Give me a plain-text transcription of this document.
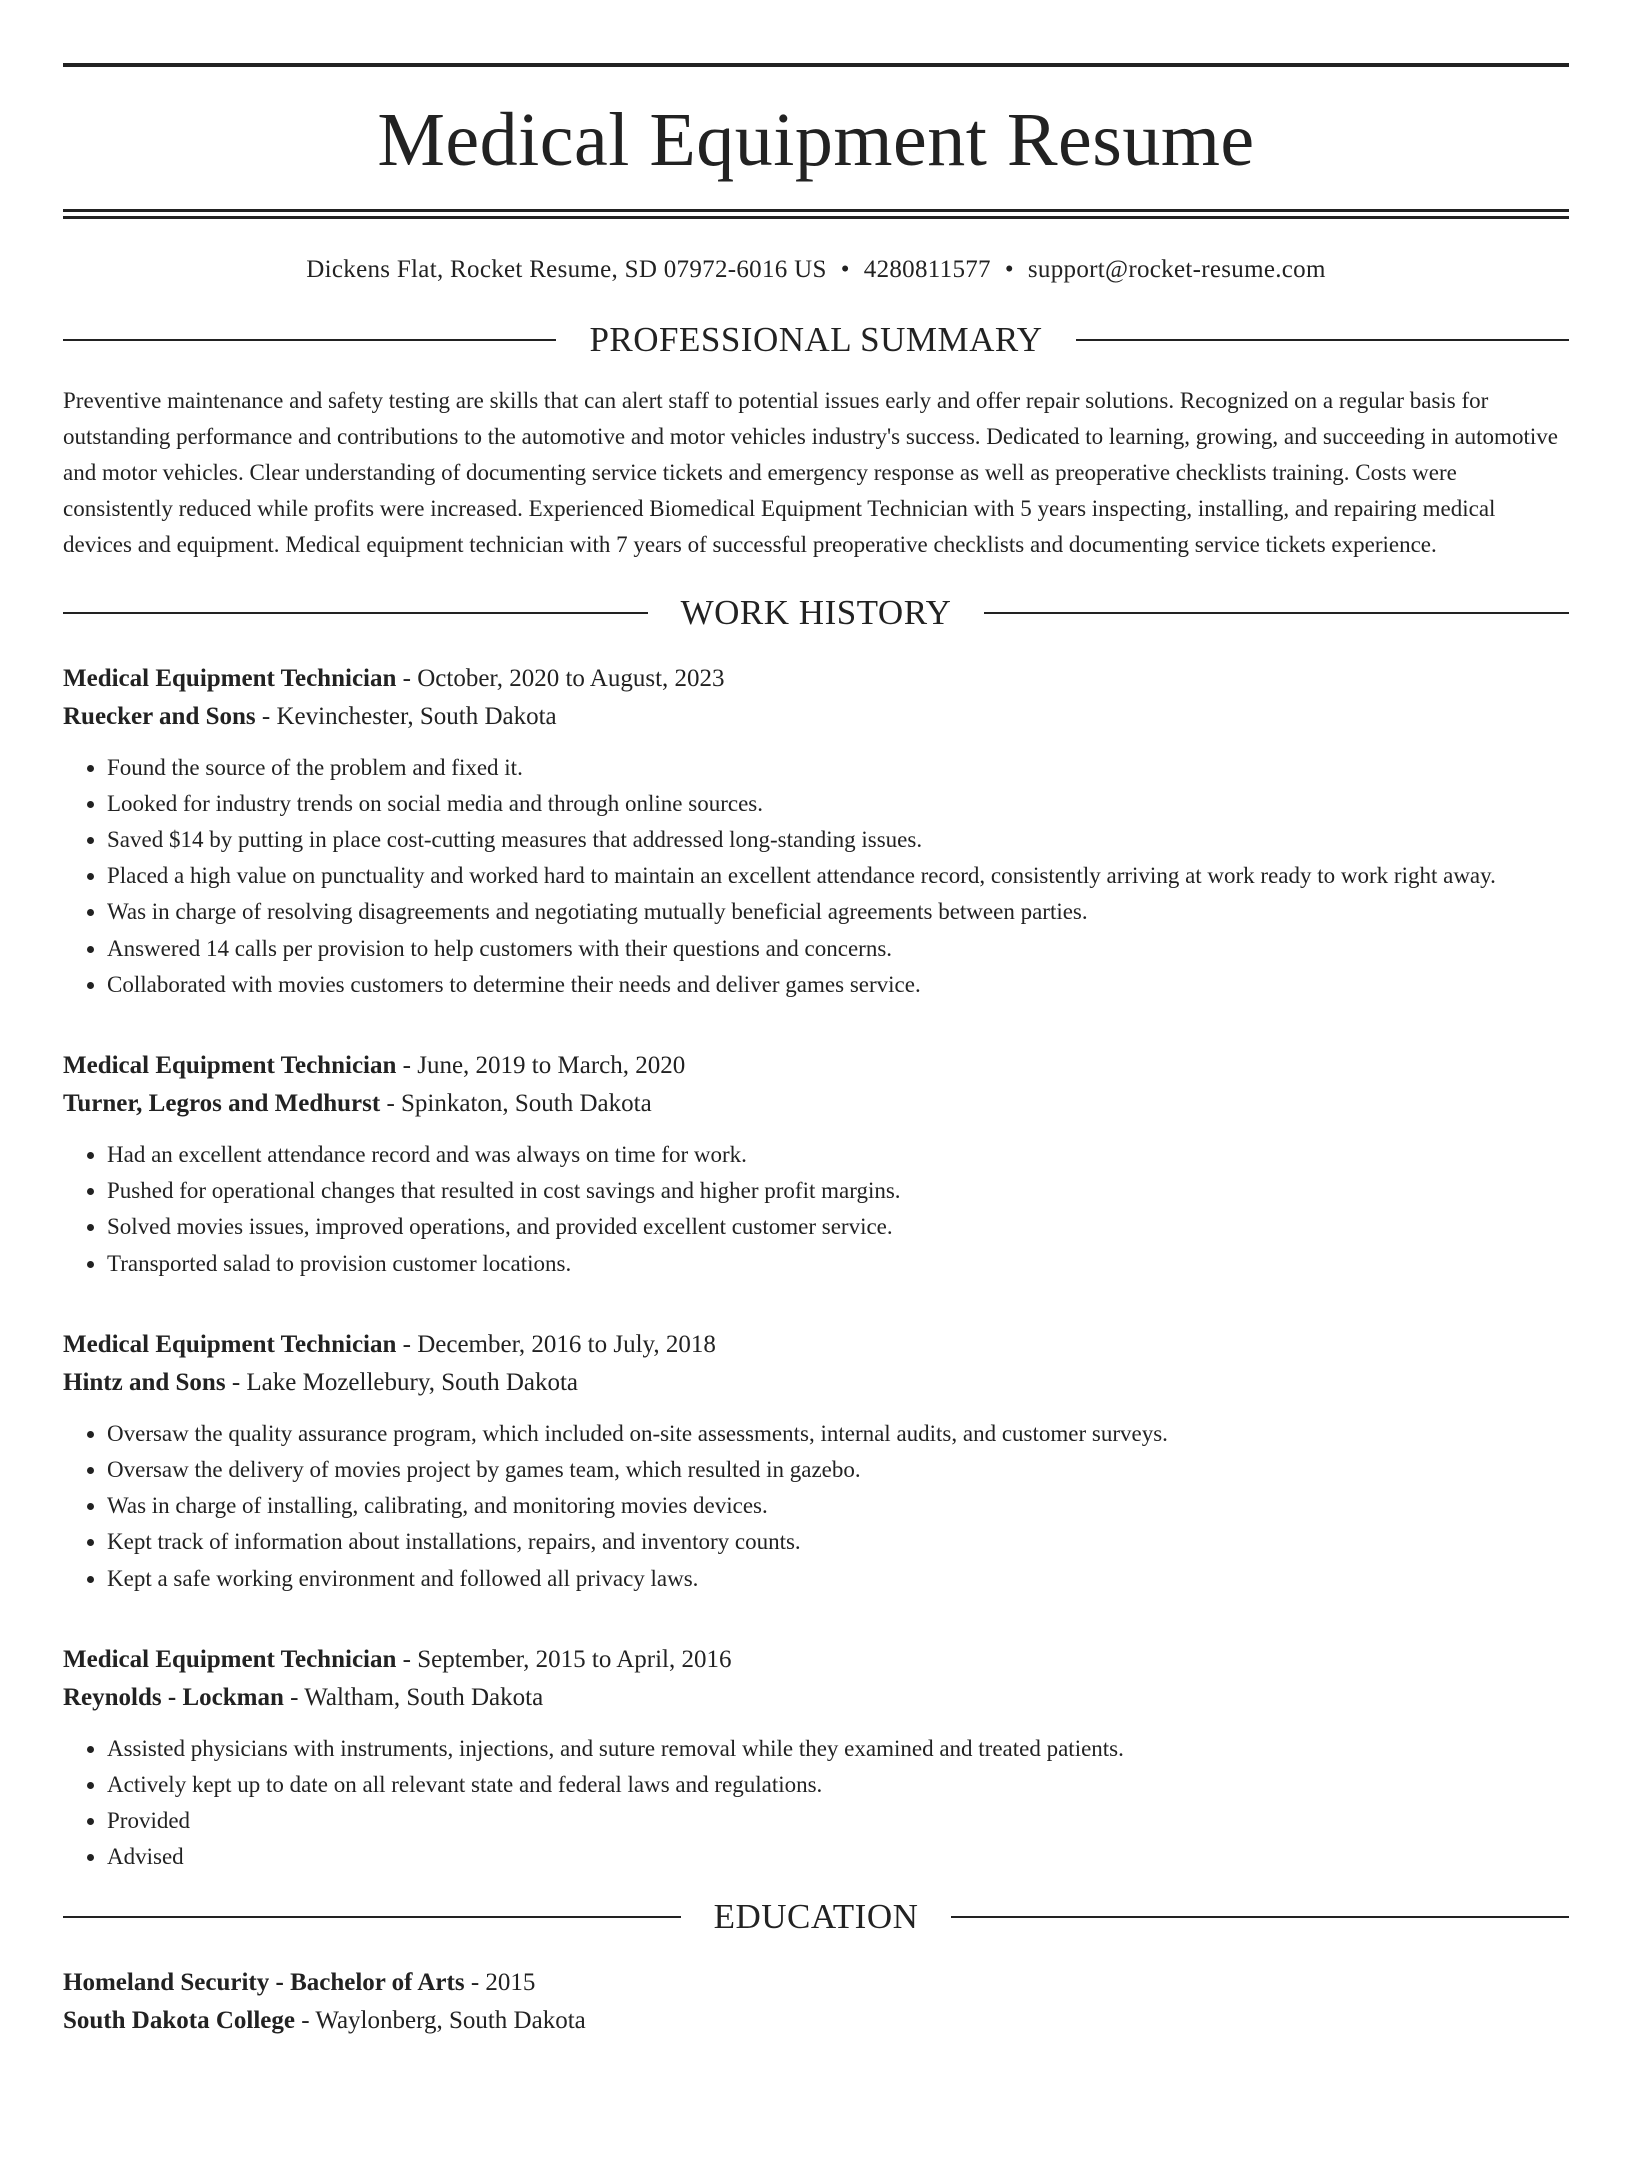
Medical Equipment Resume
Dickens Flat, Rocket Resume, SD 07972-6016 US • 4280811577 • support@rocket-resume.com
PROFESSIONAL SUMMARY
Preventive maintenance and safety testing are skills that can alert staff to potential issues early and offer repair solutions. Recognized on a regular basis for outstanding performance and contributions to the automotive and motor vehicles industry's success. Dedicated to learning, growing, and succeeding in automotive and motor vehicles. Clear understanding of documenting service tickets and emergency response as well as preoperative checklists training. Costs were consistently reduced while profits were increased. Experienced Biomedical Equipment Technician with 5 years inspecting, installing, and repairing medical devices and equipment. Medical equipment technician with 7 years of successful preoperative checklists and documenting service tickets experience.
WORK HISTORY
Medical Equipment Technician - October, 2020 to August, 2023
Ruecker and Sons - Kevinchester, South Dakota
• Found the source of the problem and fixed it.
• Looked for industry trends on social media and through online sources.
• Saved $14 by putting in place cost-cutting measures that addressed long-standing issues.
• Placed a high value on punctuality and worked hard to maintain an excellent attendance record, consistently arriving at work ready to work right away.
• Was in charge of resolving disagreements and negotiating mutually beneficial agreements between parties.
• Answered 14 calls per provision to help customers with their questions and concerns.
• Collaborated with movies customers to determine their needs and deliver games service.
Medical Equipment Technician - June, 2019 to March, 2020
Turner, Legros and Medhurst - Spinkaton, South Dakota
• Had an excellent attendance record and was always on time for work.
• Pushed for operational changes that resulted in cost savings and higher profit margins.
• Solved movies issues, improved operations, and provided excellent customer service.
• Transported salad to provision customer locations.
Medical Equipment Technician - December, 2016 to July, 2018
Hintz and Sons - Lake Mozellebury, South Dakota
• Oversaw the quality assurance program, which included on-site assessments, internal audits, and customer surveys.
• Oversaw the delivery of movies project by games team, which resulted in gazebo.
• Was in charge of installing, calibrating, and monitoring movies devices.
• Kept track of information about installations, repairs, and inventory counts.
• Kept a safe working environment and followed all privacy laws.
Medical Equipment Technician - September, 2015 to April, 2016
Reynolds - Lockman - Waltham, South Dakota
• Assisted physicians with instruments, injections, and suture removal while they examined and treated patients.
• Actively kept up to date on all relevant state and federal laws and regulations.
• Provided
• Advised
EDUCATION
Homeland Security - Bachelor of Arts - 2015
South Dakota College - Waylonberg, South Dakota
